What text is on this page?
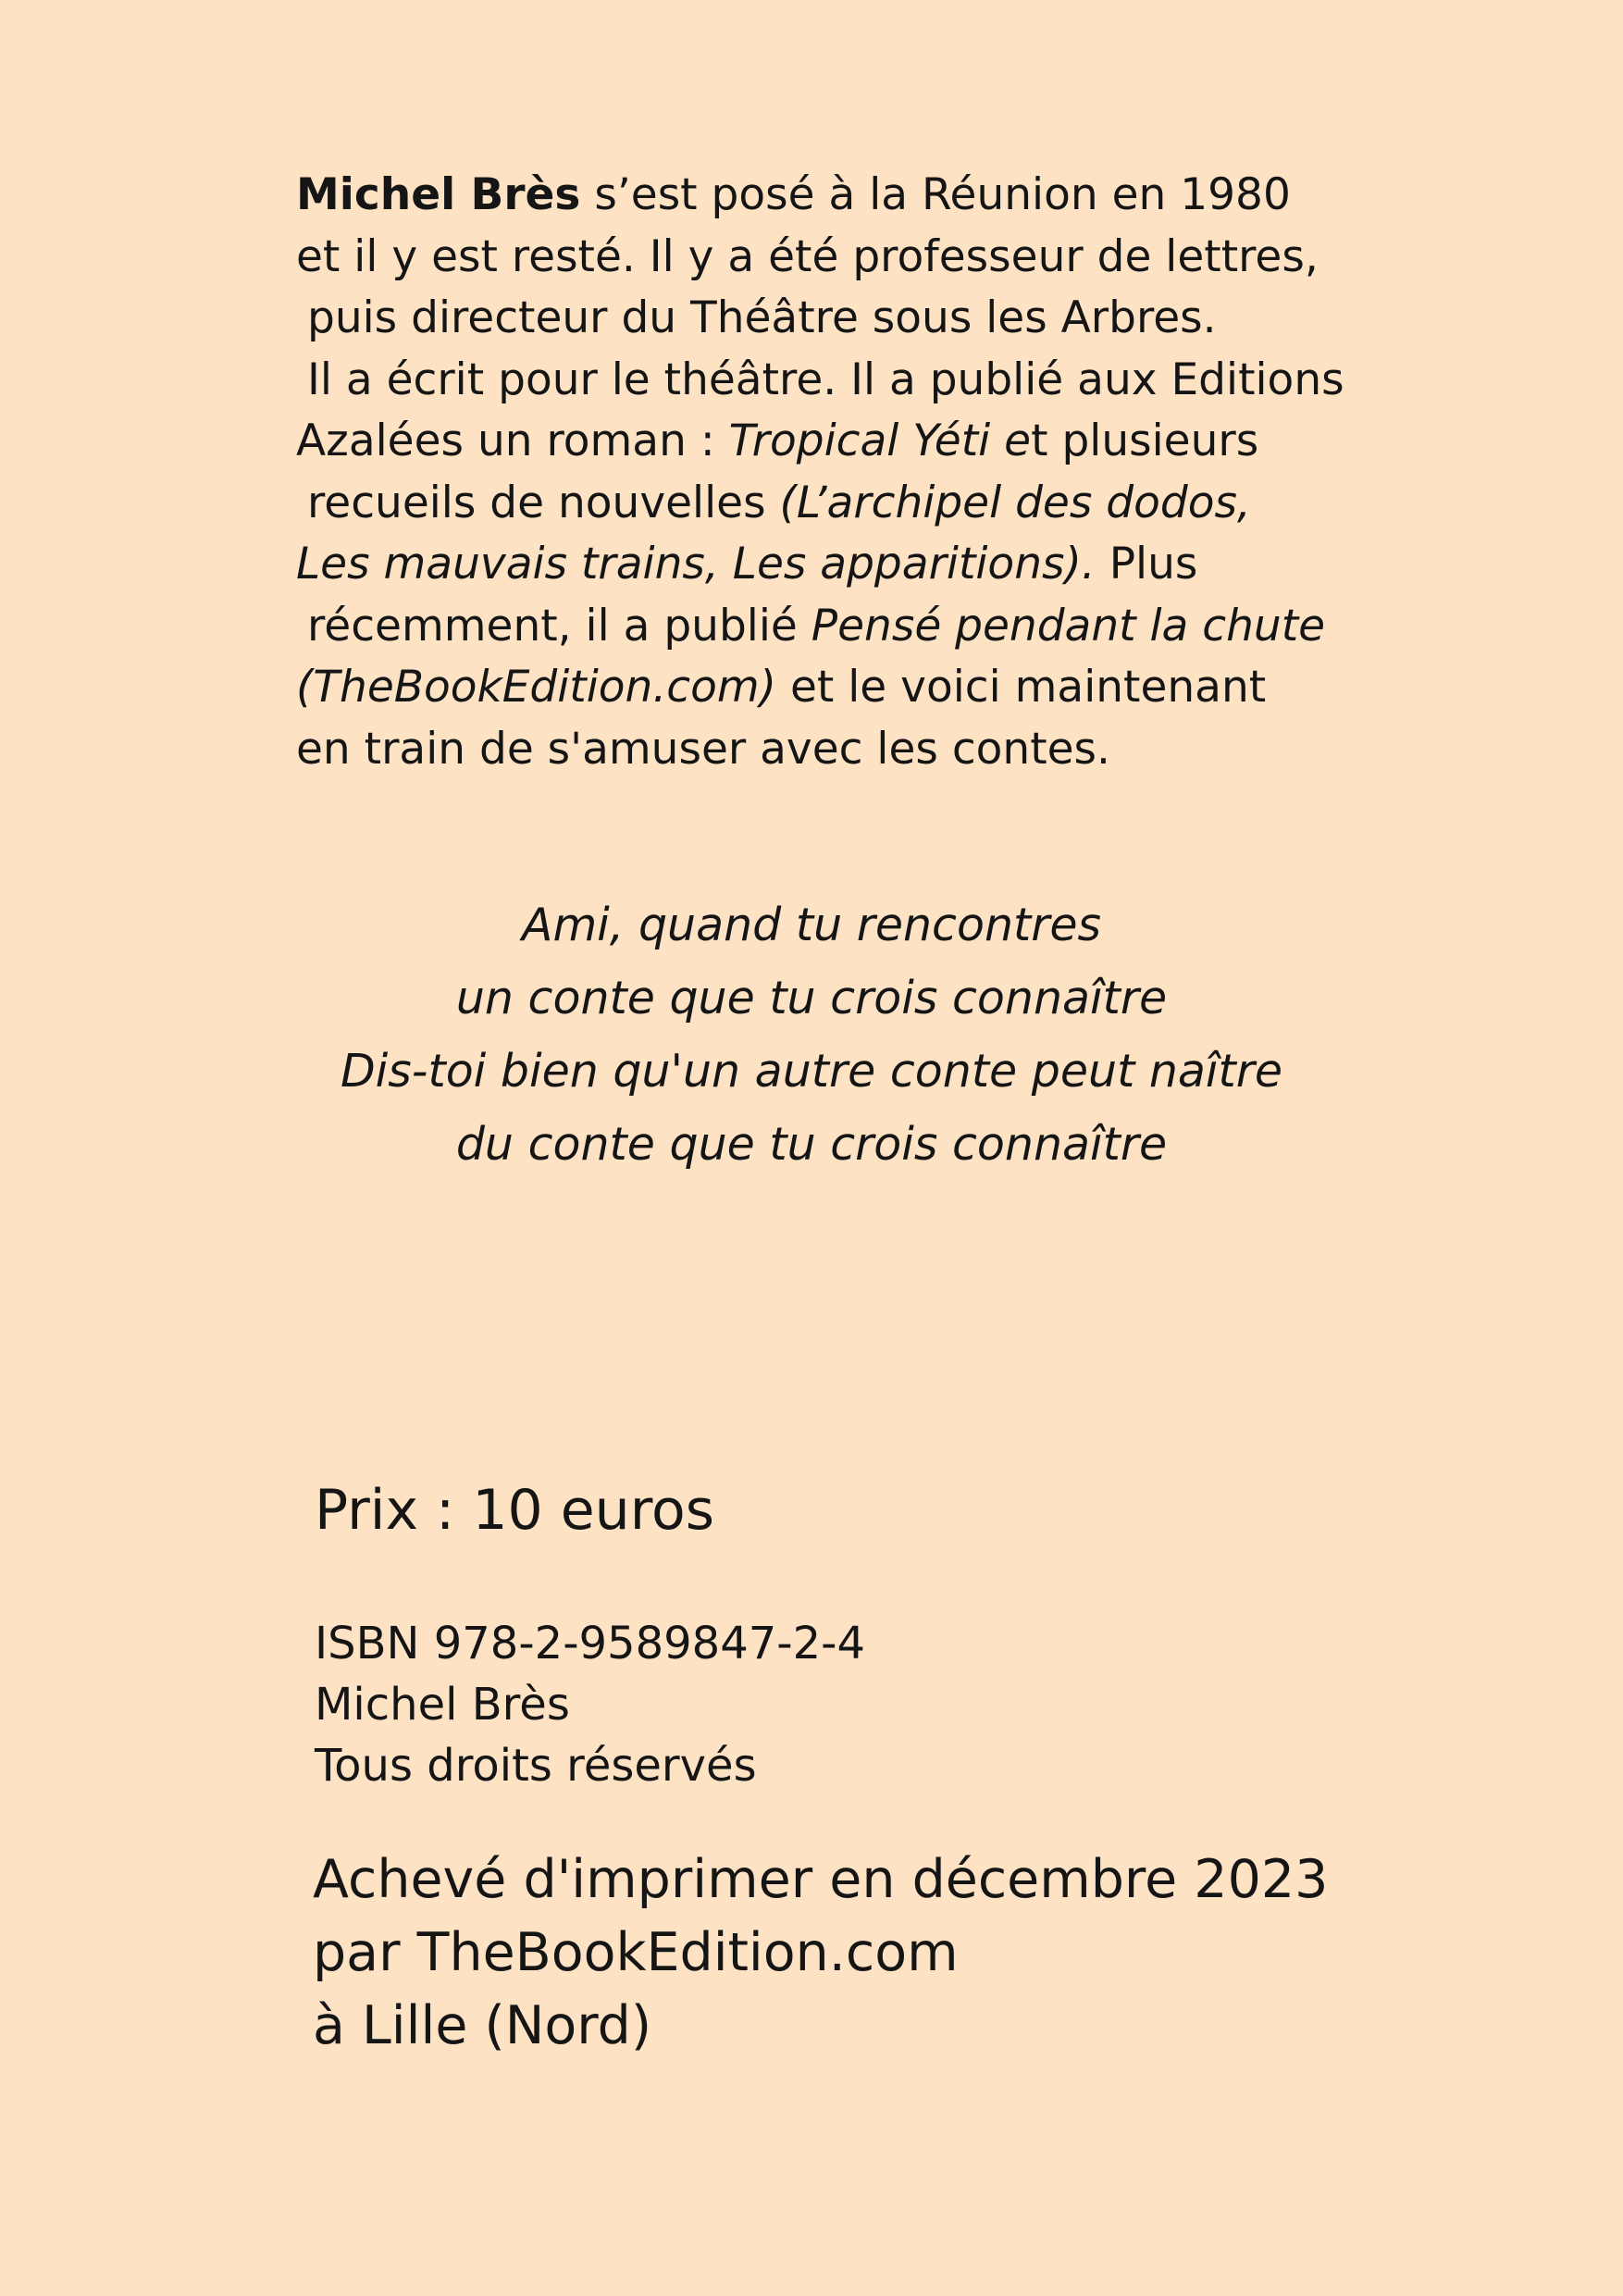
Michel Brès s’est posé à la Réunion en 1980
et il y est resté. Il y a été professeur de lettres,
puis directeur du Théâtre sous les Arbres.
Il a écrit pour le théâtre. Il a publié aux Editions
Azalées un roman : Tropical Yéti et plusieurs
recueils de nouvelles (L’archipel des dodos,
Les mauvais trains, Les apparitions). Plus
récemment, il a publié Pensé pendant la chute
(TheBookEdition.com) et le voici maintenant
en train de s'amuser avec les contes.
Ami, quand tu rencontres
un conte que tu crois connaître
Dis-toi bien qu'un autre conte peut naître
du conte que tu crois connaître
Prix : 10 euros
ISBN 978-2-9589847-2-4
Michel Brès
Tous droits réservés
Achevé d'imprimer en décembre 2023
par TheBookEdition.com
à Lille (Nord)
